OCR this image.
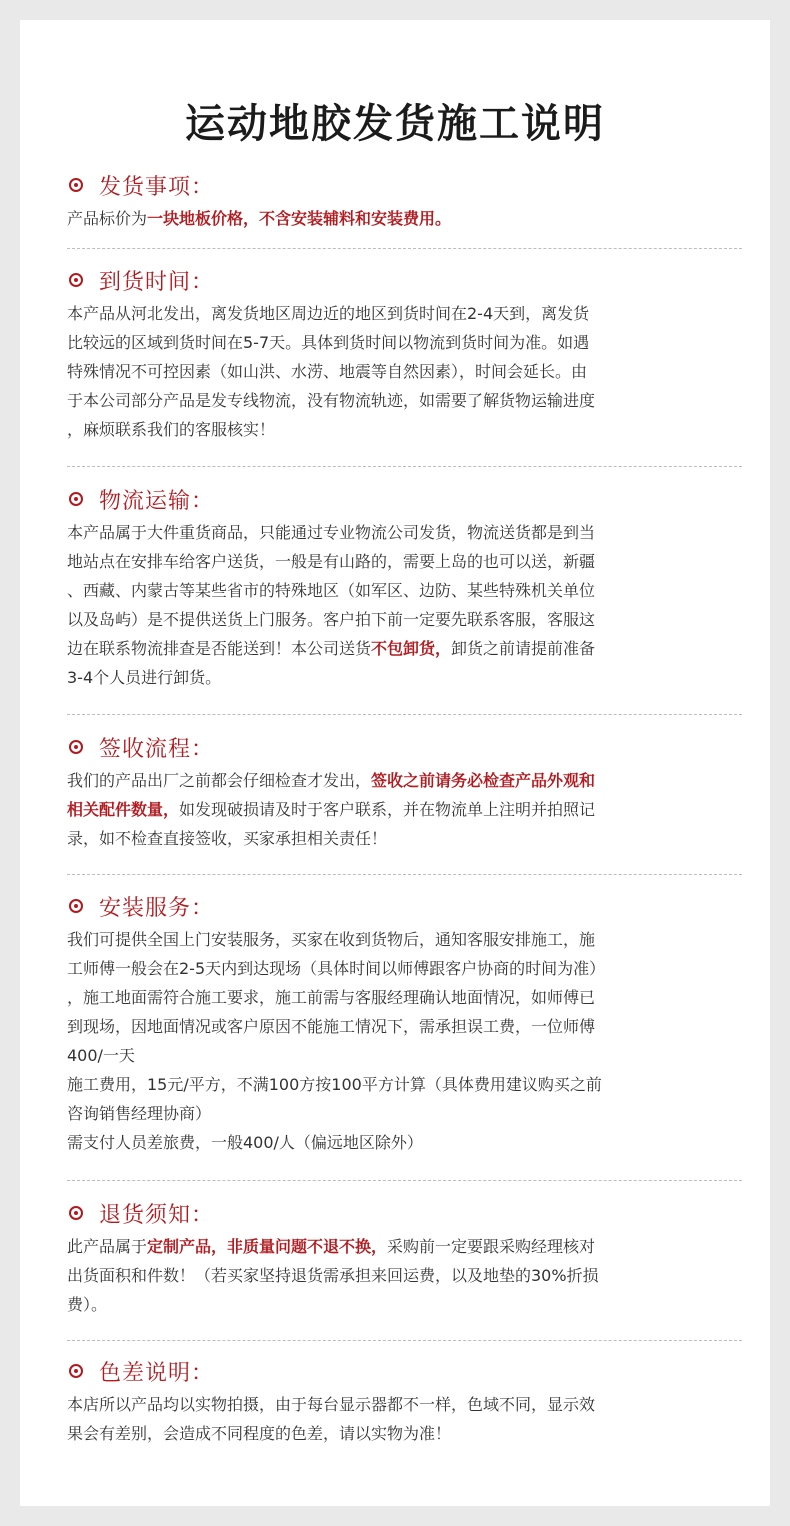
运动地胶发货施工说明
发货事项：
产品标价为一块地板价格，不含安装辅料和安装费用。
到货时间：
本产品从河北发出，离发货地区周边近的地区到货时间在2-4天到，离发货
比较远的区域到货时间在5-7天。具体到货时间以物流到货时间为准。如遇
特殊情况不可控因素（如山洪、水涝、地震等自然因素），时间会延长。由
于本公司部分产品是发专线物流，没有物流轨迹，如需要了解货物运输进度
，麻烦联系我们的客服核实！
物流运输：
本产品属于大件重货商品，只能通过专业物流公司发货，物流送货都是到当
地站点在安排车给客户送货，一般是有山路的，需要上岛的也可以送，新疆
、西藏、内蒙古等某些省市的特殊地区（如军区、边防、某些特殊机关单位
以及岛屿）是不提供送货上门服务。客户拍下前一定要先联系客服，客服这
边在联系物流排查是否能送到！本公司送货不包卸货，卸货之前请提前准备
3-4个人员进行卸货。
签收流程：
我们的产品出厂之前都会仔细检查才发出，签收之前请务必检查产品外观和
相关配件数量，如发现破损请及时于客户联系，并在物流单上注明并拍照记
录，如不检查直接签收，买家承担相关责任！
安装服务：
我们可提供全国上门安装服务，买家在收到货物后，通知客服安排施工，施
工师傅一般会在2-5天内到达现场（具体时间以师傅跟客户协商的时间为准）
，施工地面需符合施工要求，施工前需与客服经理确认地面情况，如师傅已
到现场，因地面情况或客户原因不能施工情况下，需承担误工费，一位师傅
400/一天
施工费用，15元/平方，不满100方按100平方计算（具体费用建议购买之前
咨询销售经理协商）
需支付人员差旅费，一般400/人（偏远地区除外）
退货须知：
此产品属于定制产品，非质量问题不退不换，采购前一定要跟采购经理核对
出货面积和件数！（若买家坚持退货需承担来回运费，以及地垫的30%折损
费）。
色差说明：
本店所以产品均以实物拍摄，由于每台显示器都不一样，色域不同，显示效
果会有差别，会造成不同程度的色差，请以实物为准！
